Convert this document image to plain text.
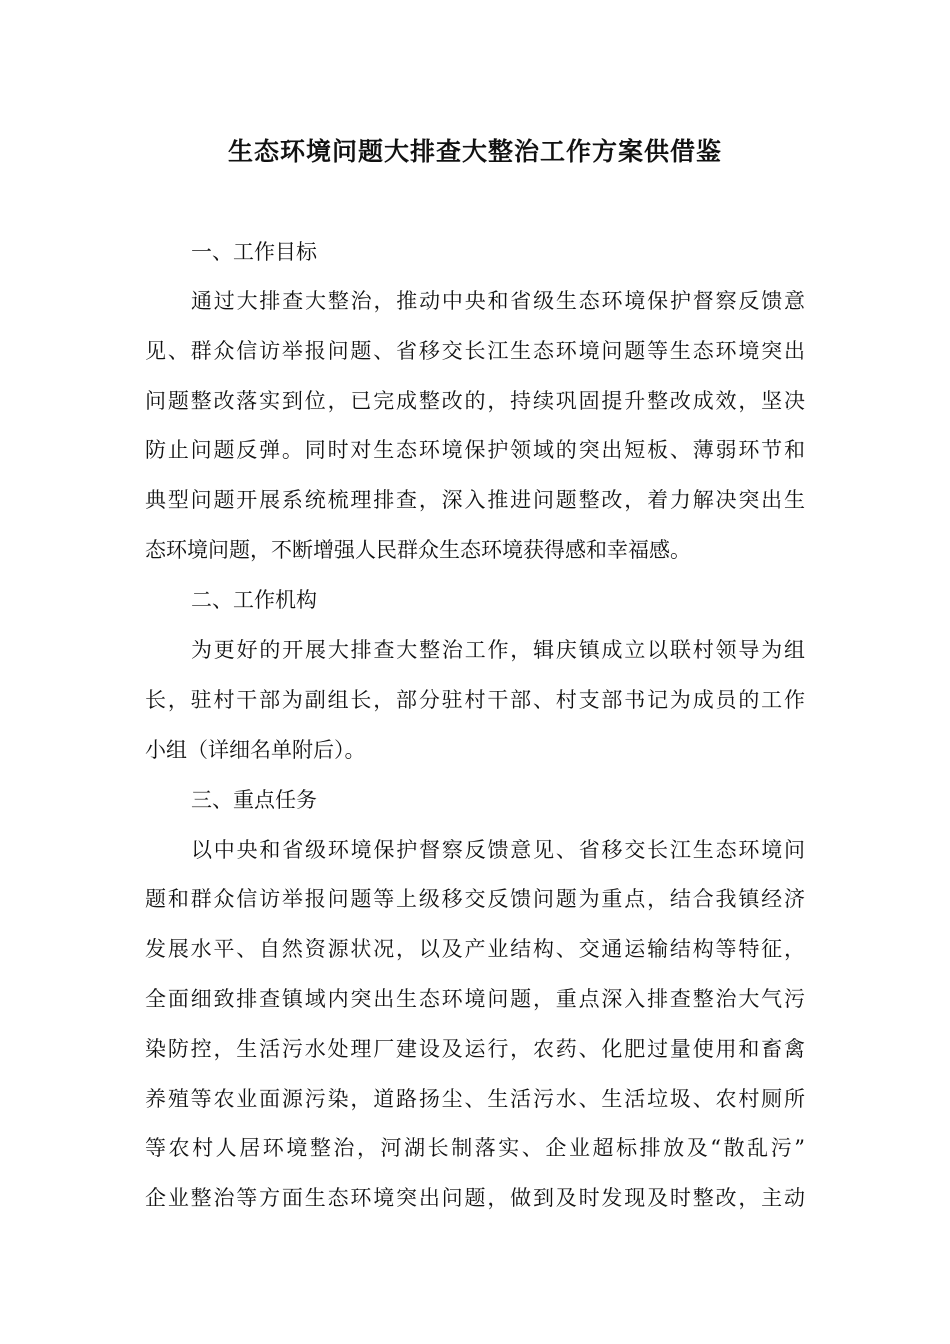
生态环境问题大排查大整治工作方案供借鉴

一、工作目标

通过大排查大整治，推动中央和省级生态环境保护督察反馈意

见、群众信访举报问题、省移交长江生态环境问题等生态环境突出

问题整改落实到位，已完成整改的，持续巩固提升整改成效，坚决

防止问题反弹。同时对生态环境保护领域的突出短板、薄弱环节和

典型问题开展系统梳理排查，深入推进问题整改，着力解决突出生

态环境问题，不断增强人民群众生态环境获得感和幸福感。

二、工作机构

为更好的开展大排查大整治工作，辑庆镇成立以联村领导为组

长，驻村干部为副组长，部分驻村干部、村支部书记为成员的工作

小组（详细名单附后）。

三、重点任务

以中央和省级环境保护督察反馈意见、省移交长江生态环境问

题和群众信访举报问题等上级移交反馈问题为重点，结合我镇经济

发展水平、自然资源状况，以及产业结构、交通运输结构等特征，

全面细致排查镇域内突出生态环境问题，重点深入排查整治大气污

染防控，生活污水处理厂建设及运行，农药、化肥过量使用和畜禽

养殖等农业面源污染，道路扬尘、生活污水、生活垃圾、农村厕所

等农村人居环境整治，河湖长制落实、企业超标排放及“散乱污”

企业整治等方面生态环境突出问题，做到及时发现及时整改，主动
